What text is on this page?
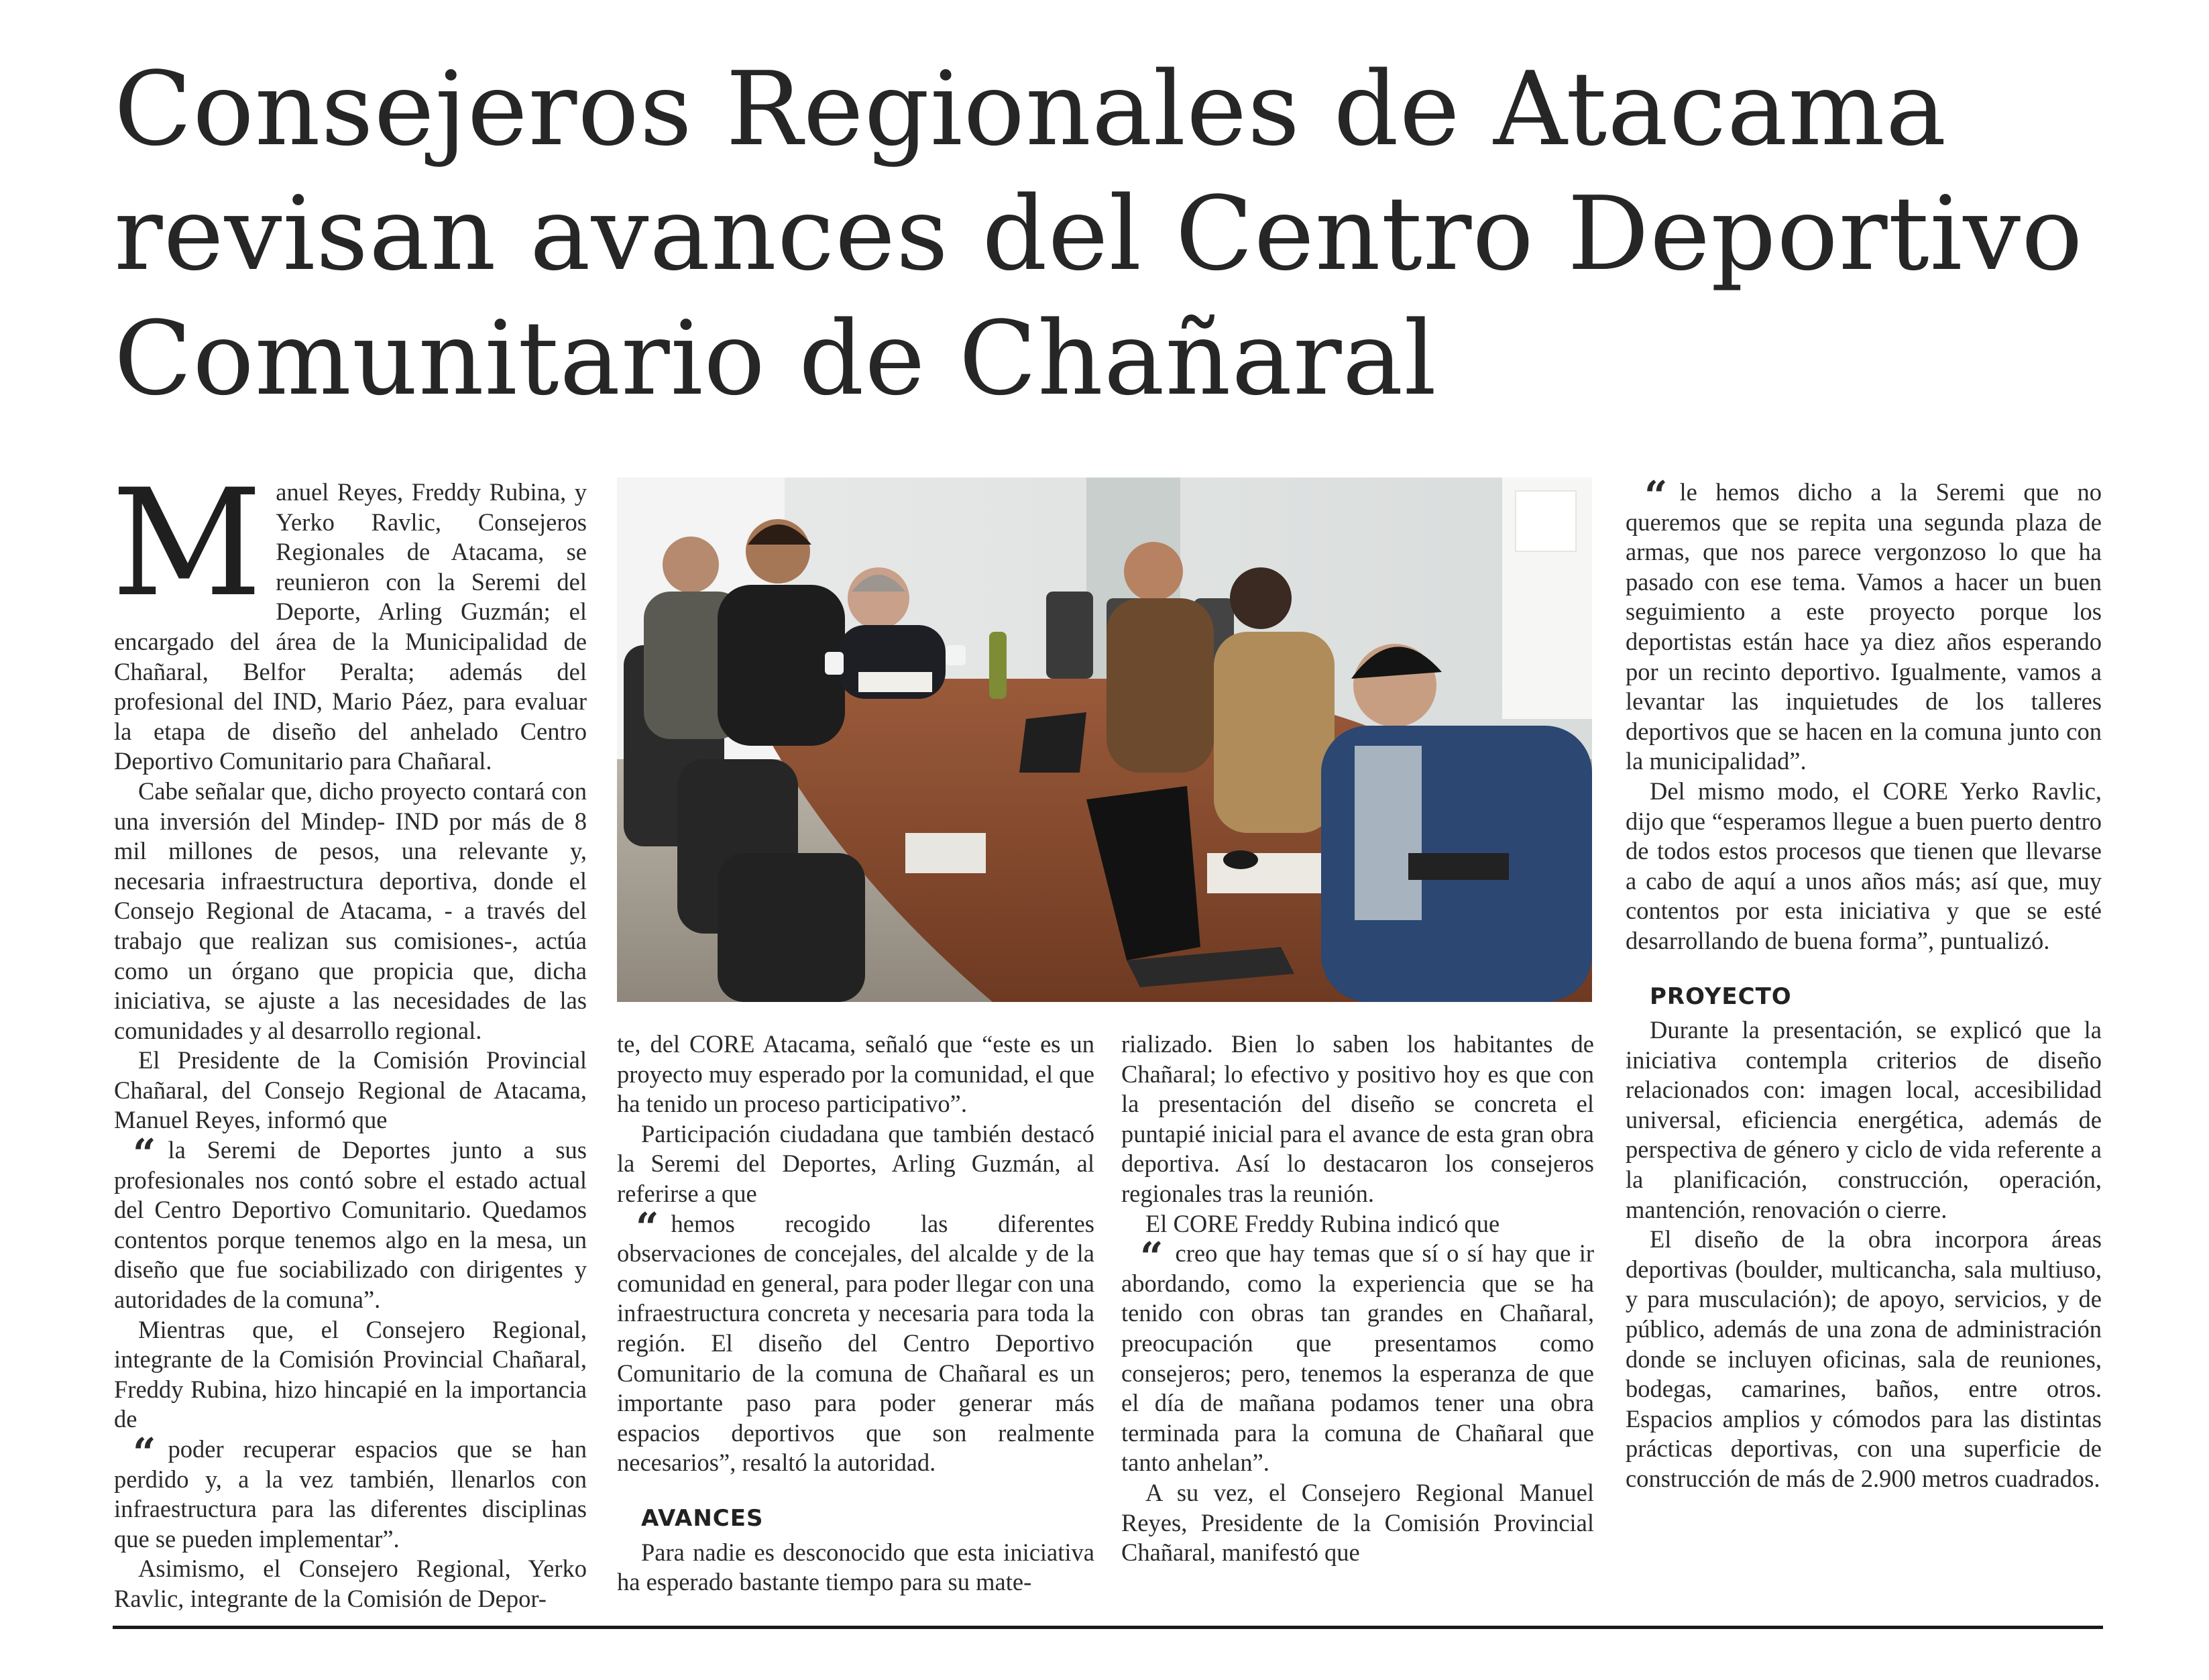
Consejeros Regionales de Atacama
revisan avances del Centro Deportivo
Comunitario de Chañaral

Manuel Reyes, Freddy Rubina, y Yerko Ravlic, Consejeros Regionales de Atacama, se reunieron con la Seremi del Deporte, Arling Guzmán; el encargado del área de la Municipalidad de Chañaral, Belfor Peralta; además del profesional del IND, Mario Páez, para evaluar la etapa de diseño del anhelado Centro Deportivo Comunitario para Chañaral.

Cabe señalar que, dicho proyecto contará con una inversión del Mindep- IND por más de 8 mil millones de pesos, una relevante y, necesaria infraestructura deportiva, donde el Consejo Regional de Atacama, - a través del trabajo que realizan sus comisiones-, actúa como un órgano que propicia que, dicha iniciativa, se ajuste a las necesidades de las comunidades y al desarrollo regional.

El Presidente de la Comisión Provincial Chañaral, del Consejo Regional de Atacama, Manuel Reyes, informó que

“ la Seremi de Deportes junto a sus profesionales nos contó sobre el estado actual del Centro Deportivo Comunitario. Quedamos contentos porque tenemos algo en la mesa, un diseño que fue sociabilizado con dirigentes y autoridades de la comuna”.

Mientras que, el Consejero Regional, integrante de la Comisión Provincial Chañaral, Freddy Rubina, hizo hincapié en la importancia de

“ poder recuperar espacios que se han perdido y, a la vez también, llenarlos con infraestructura para las diferentes disciplinas que se pueden implementar”.

Asimismo, el Consejero Regional, Yerko Ravlic, integrante de la Comisión de Depor-

te, del CORE Atacama, señaló que “este es un proyecto muy esperado por la comunidad, el que ha tenido un proceso participativo”.

Participación ciudadana que también destacó la Seremi del Deportes, Arling Guzmán, al referirse a que

“ hemos recogido las diferentes observaciones de concejales, del alcalde y de la comunidad en general, para poder llegar con una infraestructura concreta y necesaria para toda la región. El diseño del Centro Deportivo Comunitario de la comuna de Chañaral es un importante paso para poder generar más espacios deportivos que son realmente necesarios”, resaltó la autoridad.

AVANCES

Para nadie es desconocido que esta iniciativa ha esperado bastante tiempo para su mate-

rializado. Bien lo saben los habitantes de Chañaral; lo efectivo y positivo hoy es que con la presentación del diseño se concreta el puntapié inicial para el avance de esta gran obra deportiva. Así lo destacaron los consejeros regionales tras la reunión.

El CORE Freddy Rubina indicó que

“ creo que hay temas que sí o sí hay que ir abordando, como la experiencia que se ha tenido con obras tan grandes en Chañaral, preocupación que presentamos como consejeros; pero, tenemos la esperanza de que el día de mañana podamos tener una obra terminada para la comuna de Chañaral que tanto anhelan”.

A su vez, el Consejero Regional Manuel Reyes, Presidente de la Comisión Provincial Chañaral, manifestó que

“ le hemos dicho a la Seremi que no queremos que se repita una segunda plaza de armas, que nos parece vergonzoso lo que ha pasado con ese tema. Vamos a hacer un buen seguimiento a este proyecto porque los deportistas están hace ya diez años esperando por un recinto deportivo. Igualmente, vamos a levantar las inquietudes de los talleres deportivos que se hacen en la comuna junto con la municipalidad”.

Del mismo modo, el CORE Yerko Ravlic, dijo que “esperamos llegue a buen puerto dentro de todos estos procesos que tienen que llevarse a cabo de aquí a unos años más; así que, muy contentos por esta iniciativa y que se esté desarrollando de buena forma”, puntualizó.

PROYECTO

Durante la presentación, se explicó que la iniciativa contempla criterios de diseño relacionados con: imagen local, accesibilidad universal, eficiencia energética, además de perspectiva de género y ciclo de vida referente a la planificación, construcción, operación, mantención, renovación o cierre.

El diseño de la obra incorpora áreas deportivas (boulder, multicancha, sala multiuso, y para musculación); de apoyo, servicios, y de público, además de una zona de administración donde se incluyen oficinas, sala de reuniones, bodegas, camarines, baños, entre otros. Espacios amplios y cómodos para las distintas prácticas deportivas, con una superficie de construcción de más de 2.900 metros cuadrados.
